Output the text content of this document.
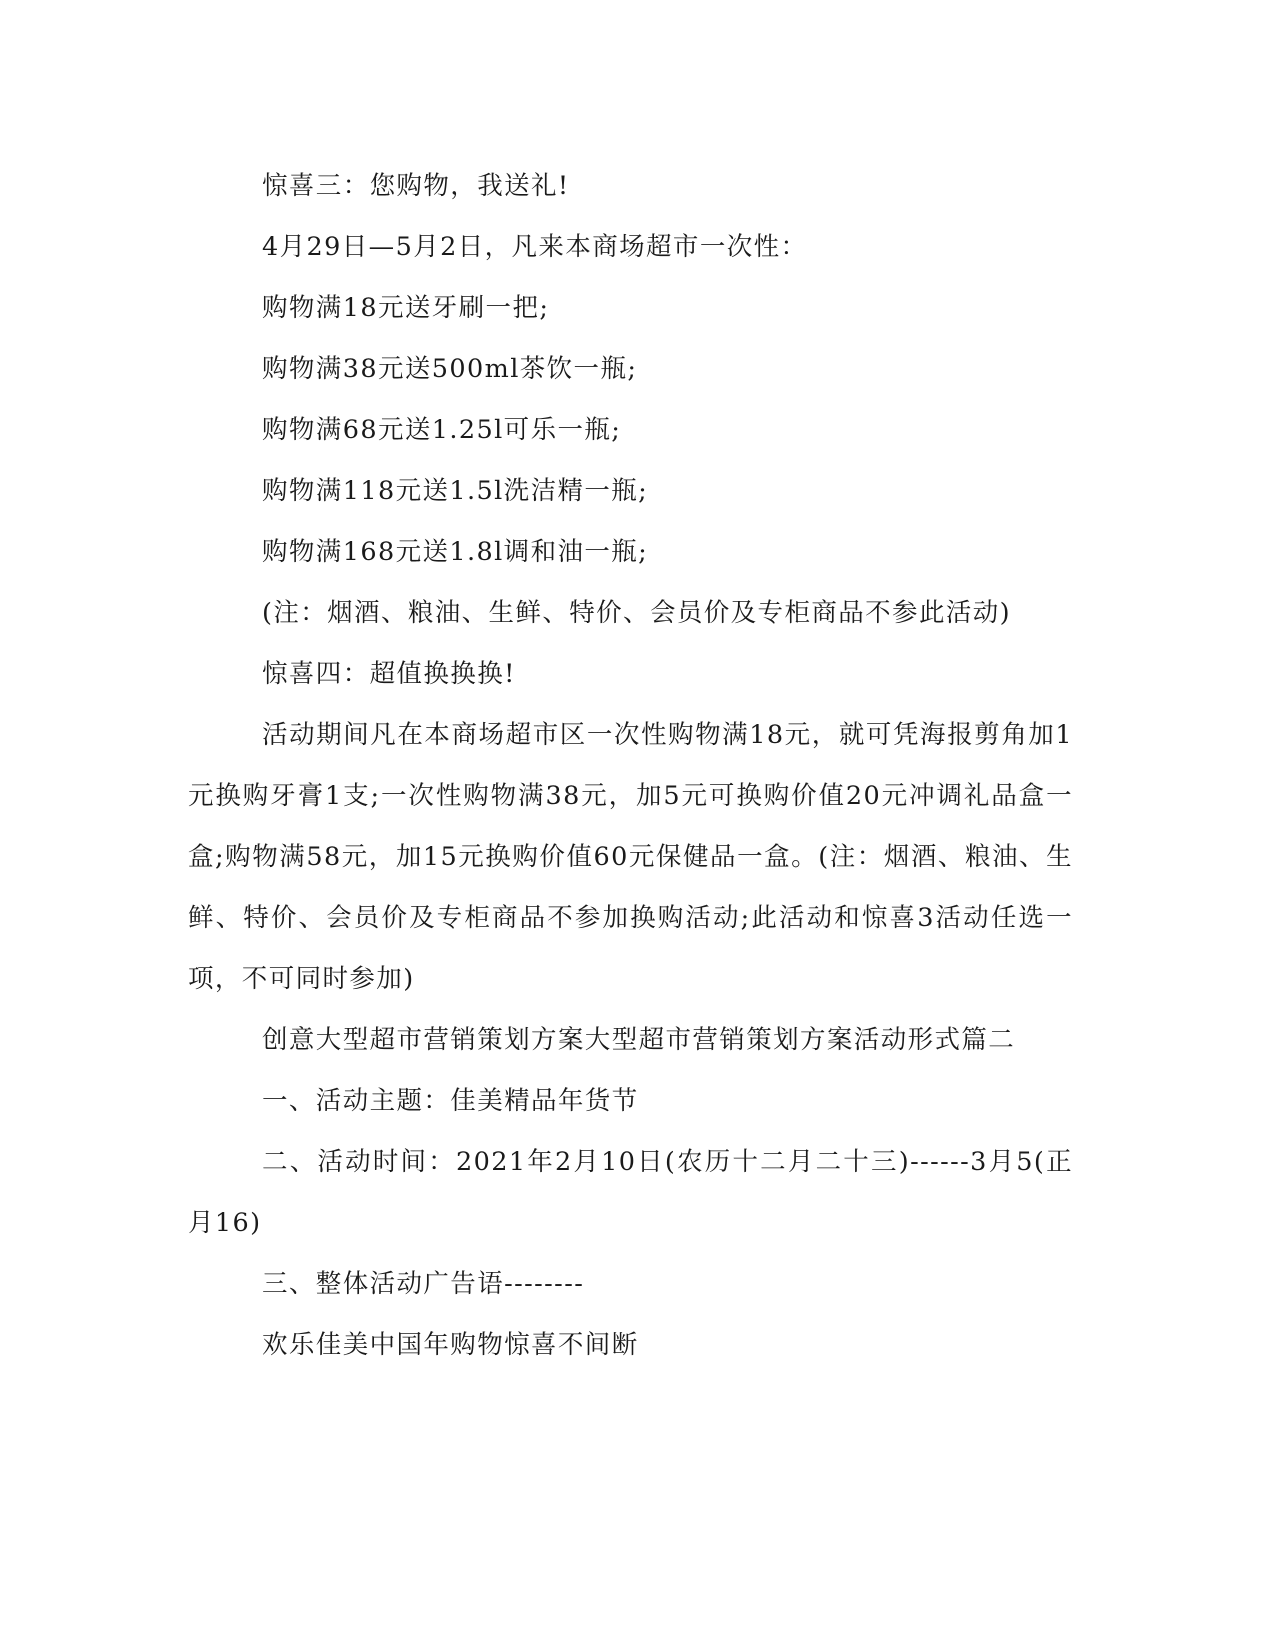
惊喜三：您购物，我送礼!

4月29日—5月2日，凡来本商场超市一次性：

购物满18元送牙刷一把;

购物满38元送500ml茶饮一瓶;

购物满68元送1.25l可乐一瓶;

购物满118元送1.5l洗洁精一瓶;

购物满168元送1.8l调和油一瓶;

(注：烟酒、粮油、生鲜、特价、会员价及专柜商品不参此活动)

惊喜四：超值换换换!

活动期间凡在本商场超市区一次性购物满18元，就可凭海报剪角加1元换购牙膏1支;一次性购物满38元，加5元可换购价值20元冲调礼品盒一盒;购物满58元，加15元换购价值60元保健品一盒。(注：烟酒、粮油、生鲜、特价、会员价及专柜商品不参加换购活动;此活动和惊喜3活动任选一项，不可同时参加)

创意大型超市营销策划方案大型超市营销策划方案活动形式篇二

一、活动主题：佳美精品年货节

二、活动时间：2021年2月10日(农历十二月二十三)------3月5(正月16)

三、整体活动广告语--------

欢乐佳美中国年购物惊喜不间断
